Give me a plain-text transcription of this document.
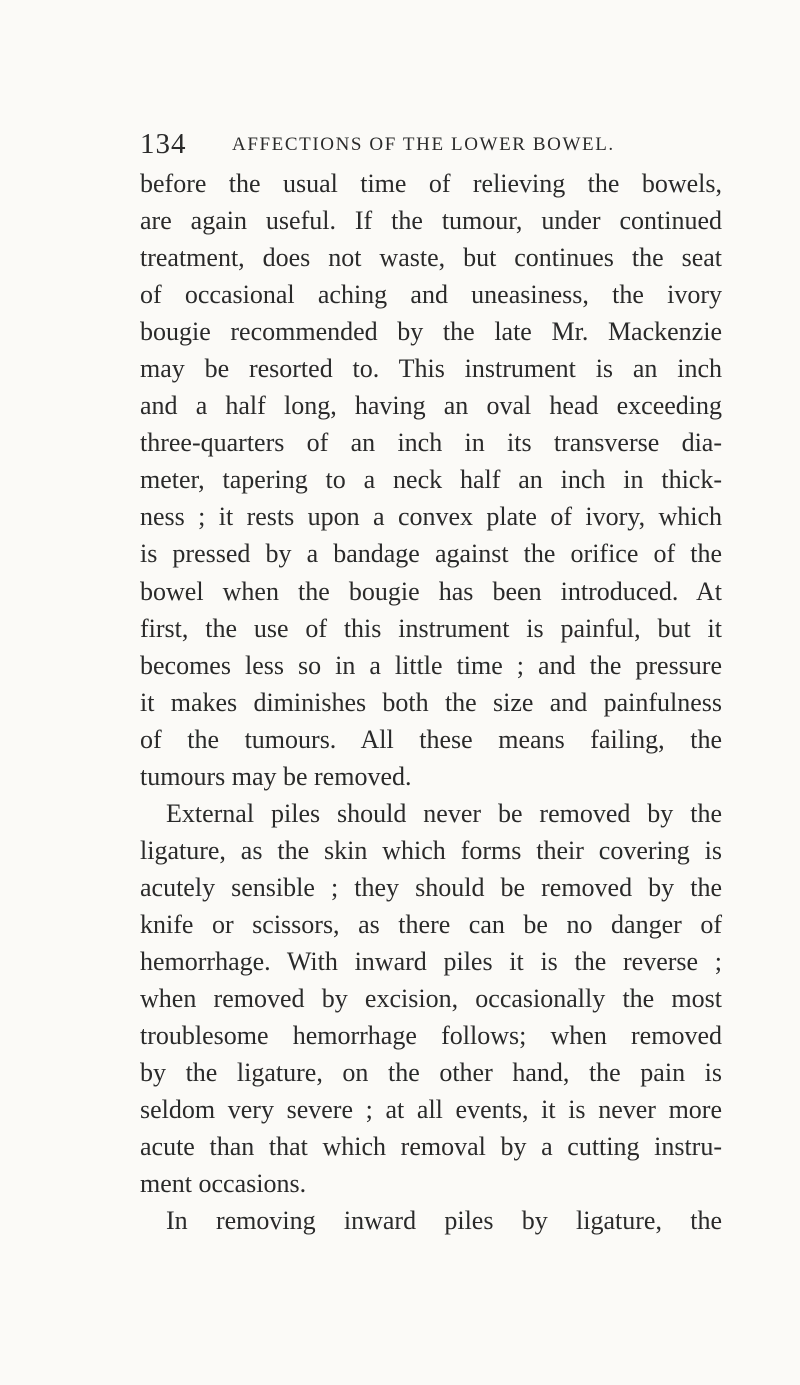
134 AFFECTIONS OF THE LOWER BOWEL.
before the usual time of relieving the bowels,
are again useful. If the tumour, under continued
treatment, does not waste, but continues the seat
of occasional aching and uneasiness, the ivory
bougie recommended by the late Mr. Mackenzie
may be resorted to. This instrument is an inch
and a half long, having an oval head exceeding
three-quarters of an inch in its transverse dia-
meter, tapering to a neck half an inch in thick-
ness ; it rests upon a convex plate of ivory, which
is pressed by a bandage against the orifice of the
bowel when the bougie has been introduced. At
first, the use of this instrument is painful, but it
becomes less so in a little time ; and the pressure
it makes diminishes both the size and painfulness
of the tumours. All these means failing, the
tumours may be removed.
External piles should never be removed by the
ligature, as the skin which forms their covering is
acutely sensible ; they should be removed by the
knife or scissors, as there can be no danger of
hemorrhage. With inward piles it is the reverse ;
when removed by excision, occasionally the most
troublesome hemorrhage follows; when removed
by the ligature, on the other hand, the pain is
seldom very severe ; at all events, it is never more
acute than that which removal by a cutting instru-
ment occasions.
In removing inward piles by ligature, the
